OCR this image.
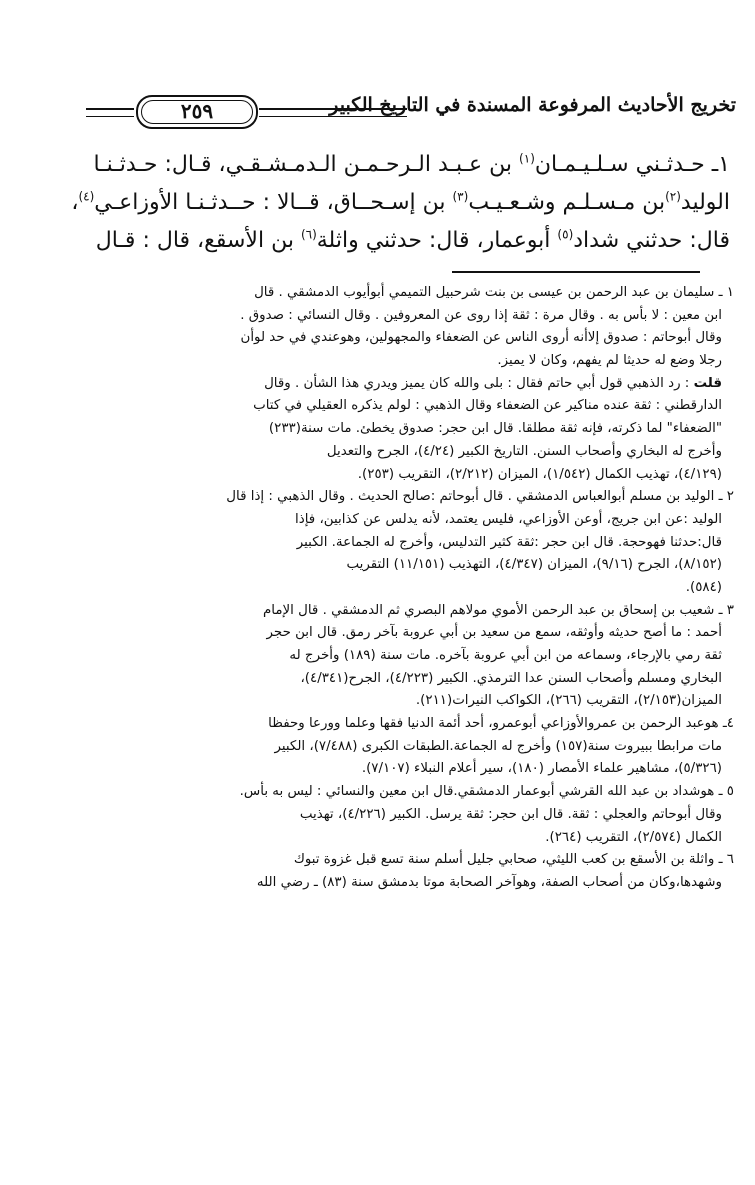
٢٥٩	تخريج الأحاديث المرفوعة المسندة في التاريخ الكبير
١ـ حـدثـني سـلـيـمـان$^{(١)}$ بن عـبـد الـرحـمـن الـدمـشـقـي، قـال: حـدثـنـا
الوليد$^{(٢)}$بن مـسـلـم وشـعـيـب$^{(٣)}$ بن إسـحــاق، قــالا : حــدثـنـا الأوزاعـي$^{(٤)}$،
قال: حدثني شداد$^{(٥)}$ أبوعمار، قال: حدثني واثلة$^{(٦)}$ بن الأسقع، قال : قـال
١ ـ سليمان بن عبد الرحمن بن عيسى بن بنت شرحبيل التميمي أبوأيوب الدمشقي . قال
ابن معين : لا بأس به . وقال مرة : ثقة إذا روى عن المعروفين . وقال النسائي : صدوق .
وقال أبوحاتم : صدوق إلاأنه أروى الناس عن الضعفاء والمجهولين، وهوعندي في حد لوأن
رجلا وضع له حديثا لم يفهم، وكان لا يميز.
قلت : رد الذهبي قول أبي حاتم فقال : بلى والله كان يميز ويدري هذا الشأن . وقال
الدارقطني : ثقة عنده مناكير عن الضعفاء وقال الذهبي : لولم يذكره العقيلي في كتاب
"الضعفاء" لما ذكرته، فإنه ثقة مطلقا. قال ابن حجر: صدوق يخطئ. مات سنة(٢٣٣)
وأخرج له البخاري وأصحاب السنن. التاريخ الكبير (٤/٢٤)، الجرح والتعديل
(٤/١٢٩)، تهذيب الكمال (١/٥٤٢)، الميزان (٢/٢١٢)، التقريب (٢٥٣).
٢ ـ الوليد بن مسلم أبوالعباس الدمشقي . قال أبوحاتم :صالح الحديث . وقال الذهبي : إذا قال
الوليد :عن ابن جريج، أوعن الأوزاعي، فليس يعتمد، لأنه يدلس عن كذابين، فإذا
قال:حدثنا فهوحجة. قال ابن حجر :ثقة كثير التدليس، وأخرج له الجماعة. الكبير
(٨/١٥٢)، الجرح (٩/١٦)، الميزان (٤/٣٤٧)، التهذيب (١١/١٥١) التقريب
(٥٨٤).
٣ ـ شعيب بن إسحاق بن عبد الرحمن الأموي مولاهم البصري ثم الدمشقي . قال الإمام
أحمد : ما أصح حديثه وأوثقه، سمع من سعيد بن أبي عروبة بآخر رمق. قال ابن حجر
ثقة رمي بالإرجاء، وسماعه من ابن أبي عروبة بآخره. مات سنة (١٨٩) وأخرج له
البخاري ومسلم وأصحاب السنن عدا الترمذي. الكبير (٤/٢٢٣)، الجرح(٤/٣٤١)،
الميزان(٢/١٥٣)، التقريب (٢٦٦)، الكواكب النيرات(٢١١).
٤ـ هوعبد الرحمن بن عمروالأوزاعي أبوعمرو، أحد أئمة الدنيا فقها وعلما وورعا وحفظا
مات مرابطا ببيروت سنة(١٥٧) وأخرج له الجماعة.الطبقات الكبرى (٧/٤٨٨)، الكبير
(٥/٣٢٦)، مشاهير علماء الأمصار (١٨٠)، سير أعلام النبلاء (٧/١٠٧).
٥ ـ هوشداد بن عبد الله القرشي أبوعمار الدمشقي.قال ابن معين والنسائي : ليس به بأس.
وقال أبوحاتم والعجلي : ثقة. قال ابن حجر: ثقة يرسل. الكبير (٤/٢٢٦)، تهذيب
الكمال (٢/٥٧٤)، التقريب (٢٦٤).
٦ ـ واثلة بن الأسقع بن كعب الليثي، صحابي جليل أسلم سنة تسع قبل غزوة تبوك
وشهدها،وكان من أصحاب الصفة، وهوآخر الصحابة موتا بدمشق سنة (٨٣) ـ رضي الله
